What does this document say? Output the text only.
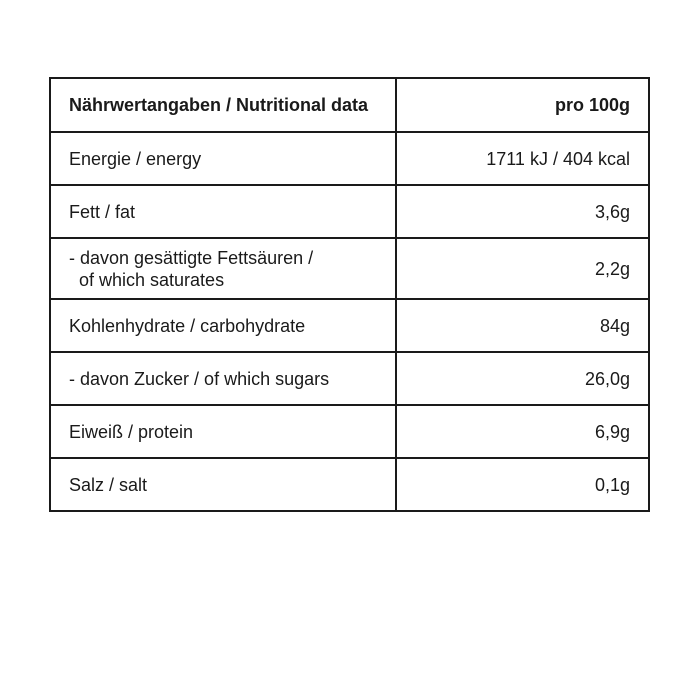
Nährwertangaben / Nutritional data	pro 100g
Energie / energy	1711 kJ / 404 kcal
Fett / fat	3,6g
- davon gesättigte Fettsäuren /
of which saturates	2,2g
Kohlenhydrate / carbohydrate	84g
- davon Zucker / of which sugars	26,0g
Eiweiß / protein	6,9g
Salz / salt	0,1g
